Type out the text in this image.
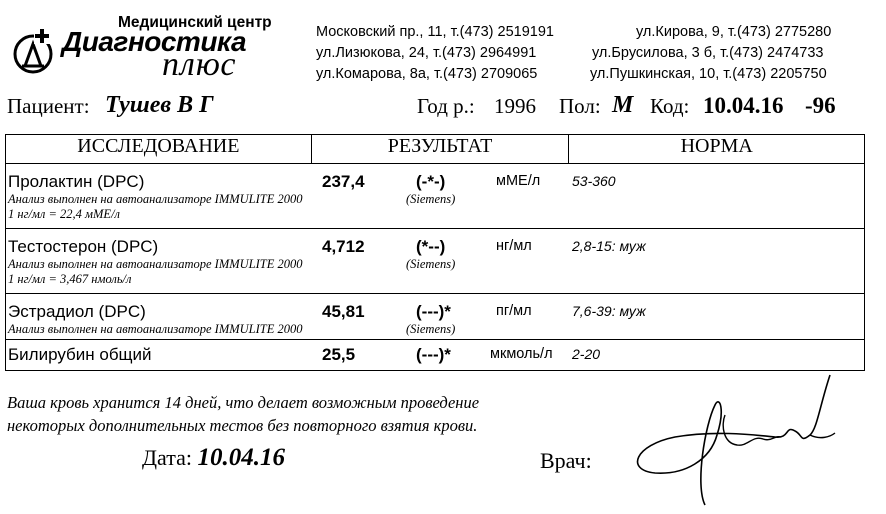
Медицинский центр
Диагностика
плюс
Московский пр., 11, т.(473) 2519191
ул.Лизюкова, 24, т.(473) 2964991
ул.Комарова, 8а, т.(473) 2709065
ул.Кирова, 9, т.(473) 2775280
ул.Брусилова, 3 б, т.(473) 2474733
ул.Пушкинская, 10, т.(473) 2205750
Пациент: Тушев В Г	Год р.: 1996 Пол: М Код: 10.04.16 -96
ИССЛЕДОВАНИЕ	РЕЗУЛЬТАТ	НОРМА

Пролактин (DPC)	237,4	(-*-)	мМЕ/л 53-360
Анализ выполнен на автоанализаторе IMMULITE 2000	(Siemens)
1 нг/мл = 22,4 мМЕ/л

Тестостерон (DPC)	4,712	(*--)	нг/мл	2,8-15: муж
Анализ выполнен на автоанализаторе IMMULITE 2000	(Siemens)
1 нг/мл = 3,467 нмоль/л

Эстрадиол (DPC)	45,81	(---)*	пг/мл	7,6-39: муж
Анализ выполнен на автоанализаторе IMMULITE 2000	(Siemens)

Билирубин общий	25,5	(---)*	мкмоль/л 2-20
Ваша кровь хранится 14 дней, что делает возможным проведение
некоторых дополнительных тестов без повторного взятия крови.
Дата: 10.04.16	Врач:
